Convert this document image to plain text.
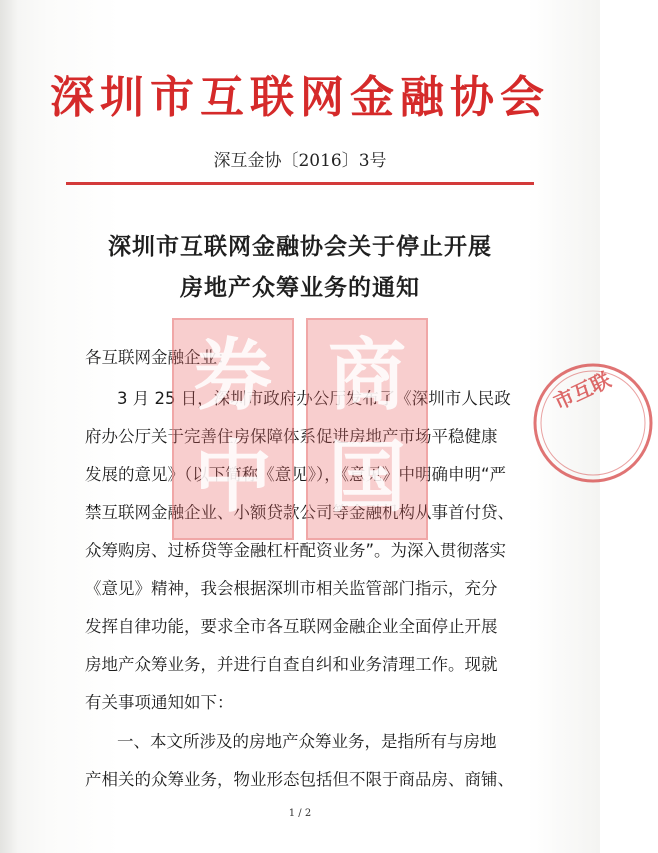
深圳市互联网金融协会
深互金协〔2016〕3号
深圳市互联网金融协会关于停止开展
房地产众筹业务的通知
各互联网金融企业：
3 月 25 日，深圳市政府办公厅发布了《深圳市人民政
府办公厅关于完善住房保障体系促进房地产市场平稳健康
发展的意见》（以下简称《意见》），《意见》中明确申明“严
禁互联网金融企业、小额贷款公司等金融机构从事首付贷、
众筹购房、过桥贷等金融杠杆配资业务”。为深入贯彻落实
《意见》精神，我会根据深圳市相关监管部门指示，充分
发挥自律功能，要求全市各互联网金融企业全面停止开展
房地产众筹业务，并进行自查自纠和业务清理工作。现就
有关事项通知如下：
一、本文所涉及的房地产众筹业务，是指所有与房地
产相关的众筹业务，物业形态包括但不限于商品房、商铺、
券
中
商
国
市互联
1 / 2
